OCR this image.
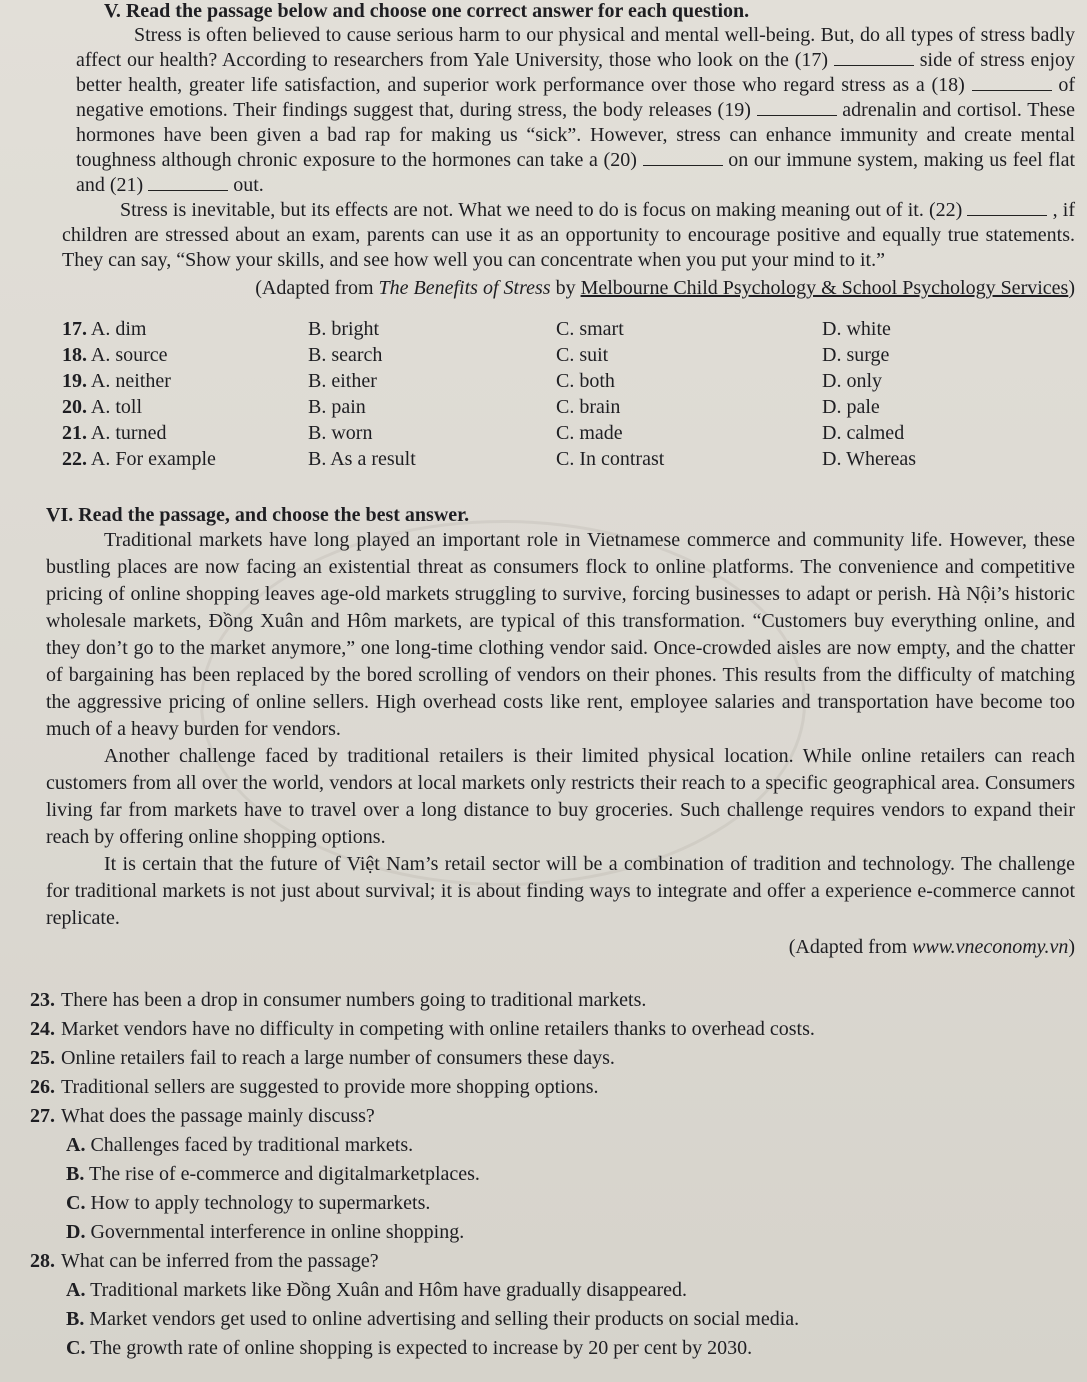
V. Read the passage below and choose one correct answer for each question.

Stress is often believed to cause serious harm to our physical and mental well-being. But, do all types of stress badly affect our health? According to researchers from Yale University, those who look on the (17)	side of stress enjoy better health, greater life satisfaction, and superior work performance over those who regard stress as a (18)	of negative emotions. Their findings suggest that, during stress, the body releases (19)	adrenalin and cortisol. These hormones have been given a bad rap for making us “sick”. However, stress can enhance immunity and create mental toughness although chronic exposure to the hormones can take a (20)	on our immune system, making us feel flat and (21)	out.

Stress is inevitable, but its effects are not. What we need to do is focus on making meaning out of it. (22)	, if children are stressed about an exam, parents can use it as an opportunity to encourage positive and equally true statements. They can say, “Show your skills, and see how well you can concentrate when you put your mind to it.”

(Adapted from The Benefits of Stress by Melbourne Child Psychology & School Psychology Services)
17. A. dim	B. bright	C. smart	D. white
18. A. source	B. search	C. suit	D. surge
19. A. neither	B. either	C. both	D. only
20. A. toll	B. pain	C. brain	D. pale
21. A. turned	B. worn	C. made	D. calmed
22. A. For example	B. As a result	C. In contrast	D. Whereas
VI. Read the passage, and choose the best answer.

Traditional markets have long played an important role in Vietnamese commerce and community life. However, these bustling places are now facing an existential threat as consumers flock to online platforms. The convenience and competitive pricing of online shopping leaves age-old markets struggling to survive, forcing businesses to adapt or perish. Hà Nội’s historic wholesale markets, Đồng Xuân and Hôm markets, are typical of this transformation. “Customers buy everything online, and they don’t go to the market anymore,” one long-time clothing vendor said. Once-crowded aisles are now empty, and the chatter of bargaining has been replaced by the bored scrolling of vendors on their phones. This results from the difficulty of matching the aggressive pricing of online sellers. High overhead costs like rent, employee salaries and transportation have become too much of a heavy burden for vendors.

Another challenge faced by traditional retailers is their limited physical location. While online retailers can reach customers from all over the world, vendors at local markets only restricts their reach to a specific geographical area. Consumers living far from markets have to travel over a long distance to buy groceries. Such challenge requires vendors to expand their reach by offering online shopping options.

It is certain that the future of Việt Nam’s retail sector will be a combination of tradition and technology. The challenge for traditional markets is not just about survival; it is about finding ways to integrate and offer a experience e-commerce cannot replicate.

(Adapted from www.vneconomy.vn)
23. There has been a drop in consumer numbers going to traditional markets.
24. Market vendors have no difficulty in competing with online retailers thanks to overhead costs.
25. Online retailers fail to reach a large number of consumers these days.
26. Traditional sellers are suggested to provide more shopping options.
27. What does the passage mainly discuss?
A. Challenges faced by traditional markets.
B. The rise of e-commerce and digitalmarketplaces.
C. How to apply technology to supermarkets.
D. Governmental interference in online shopping.
28. What can be inferred from the passage?
A. Traditional markets like Đồng Xuân and Hôm have gradually disappeared.
B. Market vendors get used to online advertising and selling their products on social media.
C. The growth rate of online shopping is expected to increase by 20 per cent by 2030.
